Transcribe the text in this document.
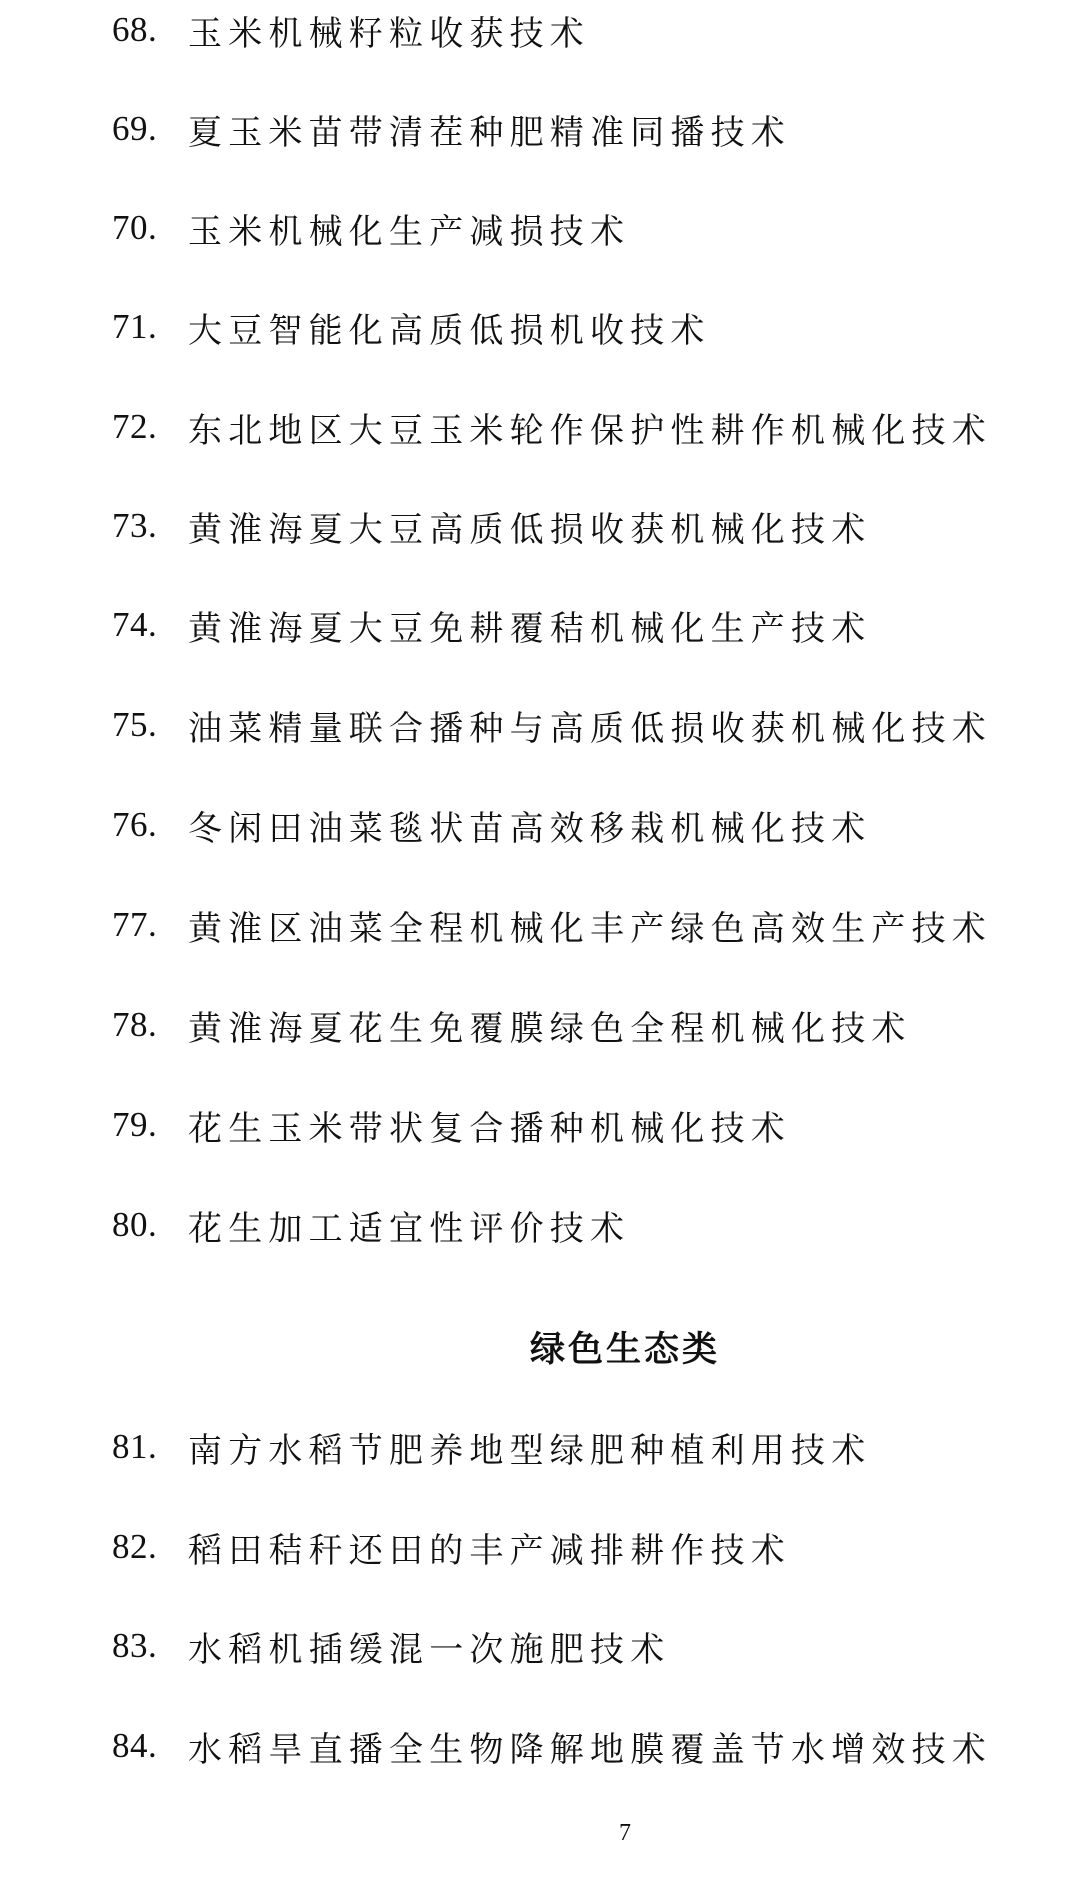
68. 玉米机械籽粒收获技术
69. 夏玉米苗带清茬种肥精准同播技术
70. 玉米机械化生产减损技术
71. 大豆智能化高质低损机收技术
72. 东北地区大豆玉米轮作保护性耕作机械化技术
73. 黄淮海夏大豆高质低损收获机械化技术
74. 黄淮海夏大豆免耕覆秸机械化生产技术
75. 油菜精量联合播种与高质低损收获机械化技术
76. 冬闲田油菜毯状苗高效移栽机械化技术
77. 黄淮区油菜全程机械化丰产绿色高效生产技术
78. 黄淮海夏花生免覆膜绿色全程机械化技术
79. 花生玉米带状复合播种机械化技术
80. 花生加工适宜性评价技术
81. 南方水稻节肥养地型绿肥种植利用技术
82. 稻田秸秆还田的丰产减排耕作技术
83. 水稻机插缓混一次施肥技术
84. 水稻旱直播全生物降解地膜覆盖节水增效技术
绿色生态类
7
